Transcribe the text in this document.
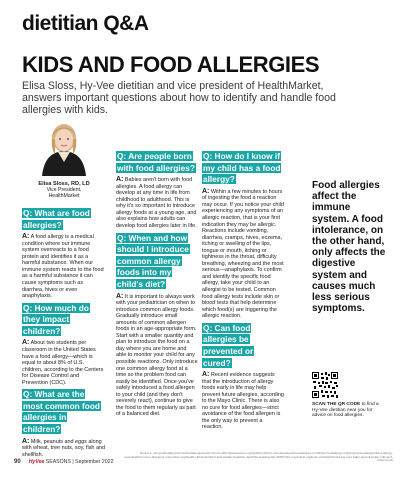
dietitian Q&A
KIDS AND FOOD ALLERGIES
Elisa Sloss, Hy-Vee dietitian and vice president of HealthMarket, answers important questions about how to identify and handle food allergies with kids.
Elisa Sloss, RD, LD
Vice President,
HealthMarket
Q: What are food allergies?

A: A food allergy is a medical condition where our immune system overreacts to a food protein and identifies it as a harmful substance. When our immune system reacts to the food as a harmful substance it can cause symptoms such as diarrhea, hives or even anaphylaxis.

Q: How much do they impact children?

A: About two students per classroom in the United States have a food allergy—which is equal to about 8% of U.S. children, according to the Centers for Disease Control and Prevention (CDC).

Q: What are the most common food allergies in children?

A: Milk, peanuts and eggs along with wheat, tree nuts, soy, fish and shellfish.

Q: Are people born with food allergies?

A: Babies aren't born with food allergies. A food allergy can develop at any time in life from childhood to adulthood. This is why it's so important to introduce allergy foods at a young age, and also explains how adults can develop food allergies later in life.

Q: When and how should I introduce common allergy foods into my child's diet?

A: It is important to always work with your pediatrician on when to introduce common allergy foods. Gradually introduce small amounts of common allergen foods in an age-appropriate form. Start with a smaller quantity and plan to introduce the food on a day where you are home and able to monitor your child for any possible reactions. Only introduce one common allergy food at a time so the problem food can easily be identified. Once you've safely introduced a food allergen to your child (and they don't severely react), continue to give the food to them regularly as part of a balanced diet.

Q: How do I know if my child has a food allergy?

A: Within a few minutes to hours of ingesting the food a reaction may occur. If you notice your child experiencing any symptoms of an allergic reaction, that is your first indication they may be allergic. Reactions include vomiting, diarrhea, cramps, hives, eczema, itching or swelling of the lips, tongue or mouth, itching or tightness in the throat, difficulty breathing, wheezing and the most serious—anaphylaxis. To confirm and identify the specific food allergy, take your child to an allergist to be tested. Common food allergy tests include skin or blood tests that help determine which food(s) are triggering the allergic reaction.

Q: Can food allergies be prevented or cured?

A: Recent evidence suggests that the introduction of allergy foods early in life may help prevent future allergies, according to the Mayo Clinic. There is also no cure for food allergies—strict avoidance of the food allergen is the only way to prevent a reaction.

Food allergies affect the immune system. A food intolerance, on the other hand, only affects the digestive system and causes much less serious symptoms.
SCAN THE QR CODE to find a Hy-Vee dietitian near you for advice on food allergies.
Sources: cdc.gov/healthyschools/foodallergies/index.htm healthmarketsource.org/health/nutrition-and-diseases/food-allergies-in-children foodallergy.org/living-food-allergies/food-allergy-essentials/common-allergens mayoclinic.org/healthy-lifestyle/infant-and-toddler-health/in-depth/food-allergy/art-20457411 mayoclinic.org/tools-on/blog/introducing-your-baby-peanut-butter-milk-and-other-foods
90 HyVee SEASONS | September 2022
